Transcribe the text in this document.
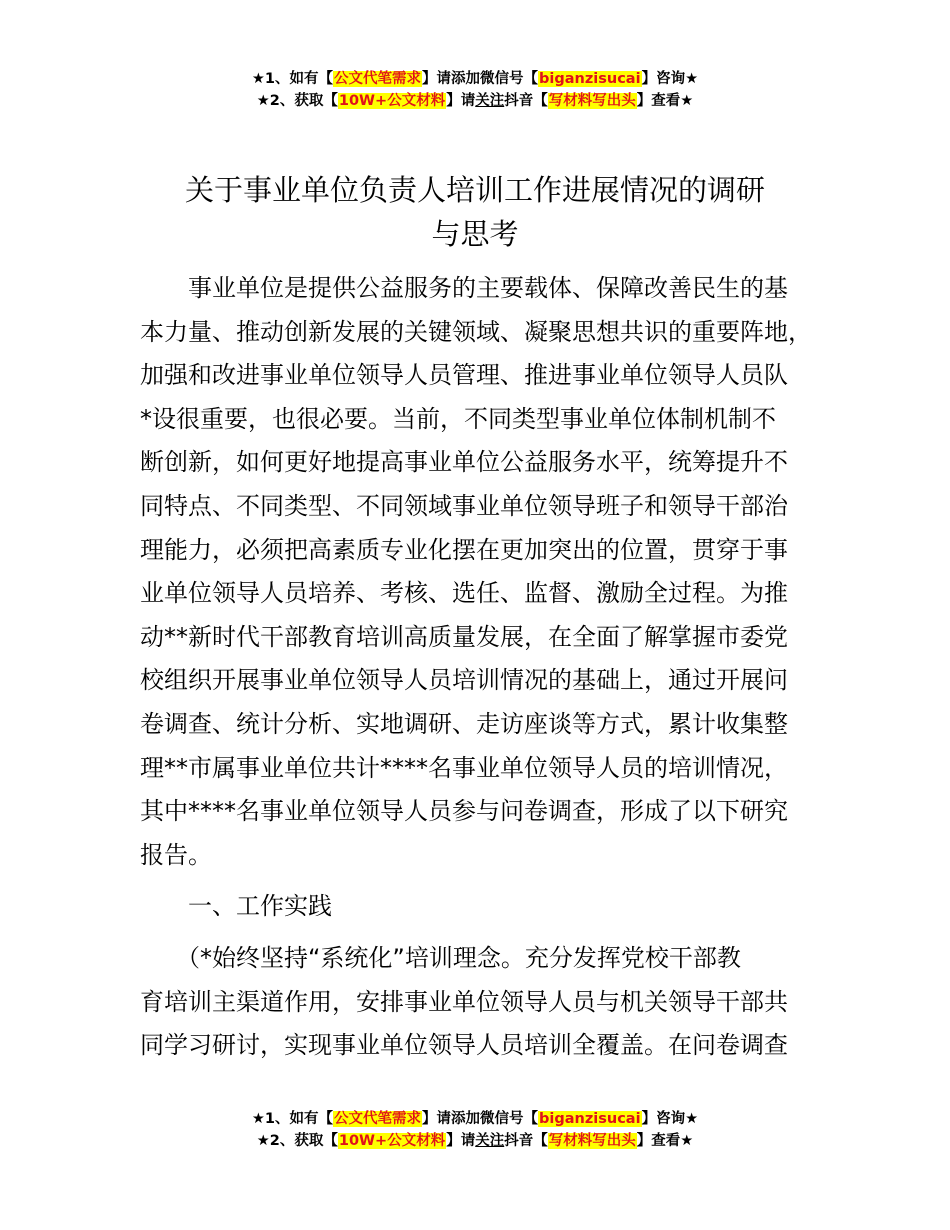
★1、如有【公文代笔需求】请添加微信号【biganzisucai】咨询★
★2、获取【10W+公文材料】请关注抖音【写材料写出头】查看★
关于事业单位负责人培训工作进展情况的调研
与思考
　　事业单位是提供公益服务的主要载体、保障改善民生的基
本力量、推动创新发展的关键领域、凝聚思想共识的重要阵地，
加强和改进事业单位领导人员管理、推进事业单位领导人员队
*设很重要，也很必要。当前，不同类型事业单位体制机制不
断创新，如何更好地提高事业单位公益服务水平，统筹提升不
同特点、不同类型、不同领域事业单位领导班子和领导干部治
理能力，必须把高素质专业化摆在更加突出的位置，贯穿于事
业单位领导人员培养、考核、选任、监督、激励全过程。为推
动**新时代干部教育培训高质量发展，在全面了解掌握市委党
校组织开展事业单位领导人员培训情况的基础上，通过开展问
卷调查、统计分析、实地调研、走访座谈等方式，累计收集整
理**市属事业单位共计****名事业单位领导人员的培训情况，
其中****名事业单位领导人员参与问卷调查，形成了以下研究
报告。
　　一、工作实践
　　（*始终坚持“系统化”培训理念。充分发挥党校干部教
育培训主渠道作用，安排事业单位领导人员与机关领导干部共
同学习研讨，实现事业单位领导人员培训全覆盖。在问卷调查
★1、如有【公文代笔需求】请添加微信号【biganzisucai】咨询★
★2、获取【10W+公文材料】请关注抖音【写材料写出头】查看★
